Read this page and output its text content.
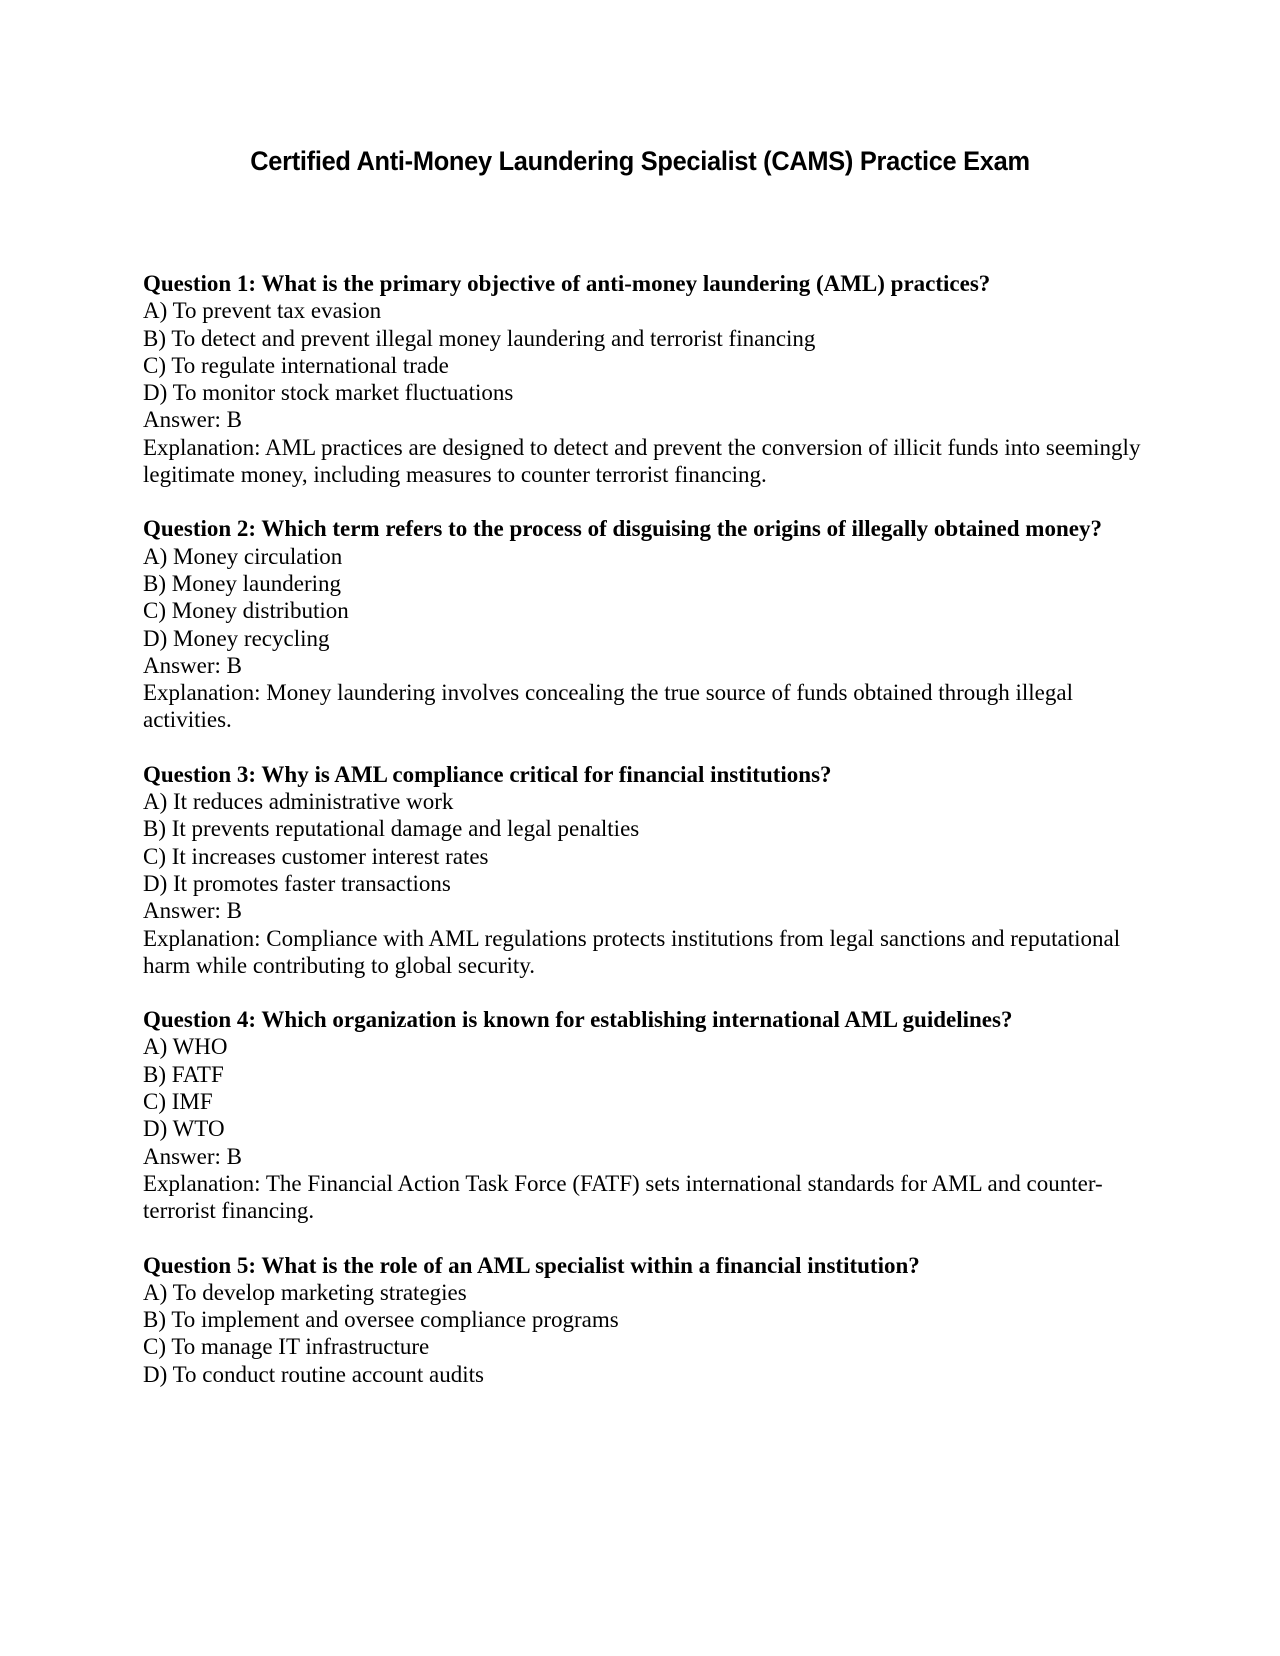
Certified Anti-Money Laundering Specialist (CAMS) Practice Exam

Question 1: What is the primary objective of anti-money laundering (AML) practices?

A) To prevent tax evasion

B) To detect and prevent illegal money laundering and terrorist financing

C) To regulate international trade

D) To monitor stock market fluctuations

Answer: B

Explanation: AML practices are designed to detect and prevent the conversion of illicit funds into seemingly legitimate money, including measures to counter terrorist financing.

Question 2: Which term refers to the process of disguising the origins of illegally obtained money?

A) Money circulation

B) Money laundering

C) Money distribution

D) Money recycling

Answer: B

Explanation: Money laundering involves concealing the true source of funds obtained through illegal activities.

Question 3: Why is AML compliance critical for financial institutions?

A) It reduces administrative work

B) It prevents reputational damage and legal penalties

C) It increases customer interest rates

D) It promotes faster transactions

Answer: B

Explanation: Compliance with AML regulations protects institutions from legal sanctions and reputational harm while contributing to global security.

Question 4: Which organization is known for establishing international AML guidelines?

A) WHO

B) FATF

C) IMF

D) WTO

Answer: B

Explanation: The Financial Action Task Force (FATF) sets international standards for AML and counter-terrorist financing.

Question 5: What is the role of an AML specialist within a financial institution?

A) To develop marketing strategies

B) To implement and oversee compliance programs

C) To manage IT infrastructure

D) To conduct routine account audits
